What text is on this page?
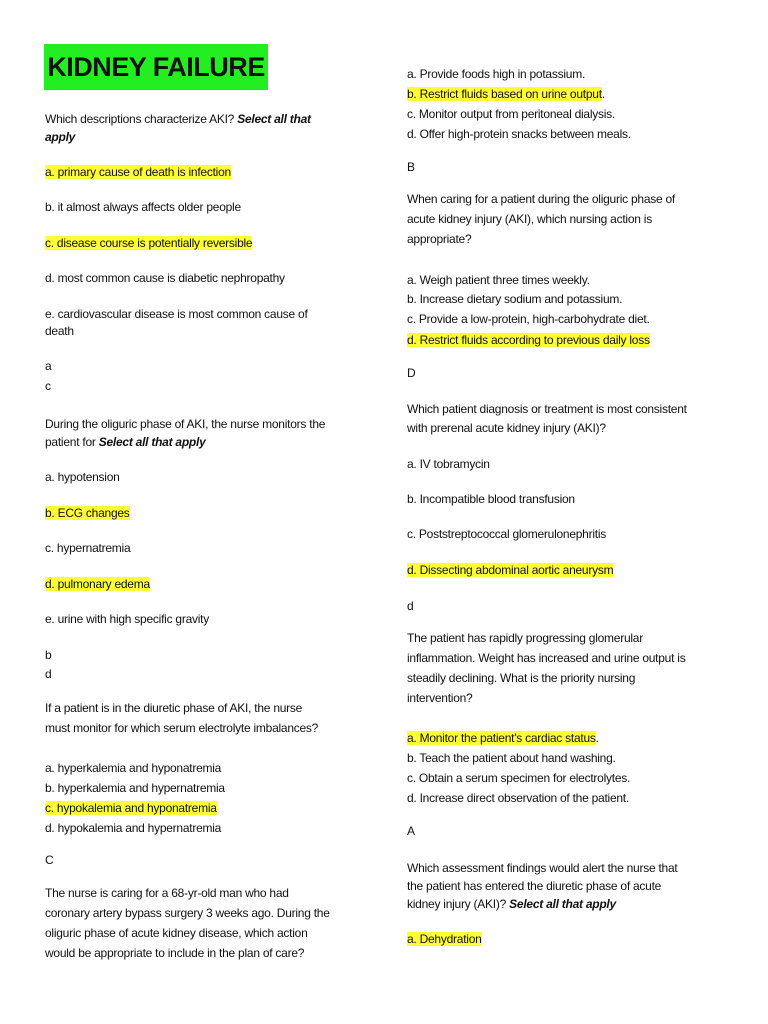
KIDNEY FAILURE
Which descriptions characterize AKI? Select all that
apply
a. primary cause of death is infection
b. it almost always affects older people
c. disease course is potentially reversible
d. most common cause is diabetic nephropathy
e. cardiovascular disease is most common cause of
death
a
c
During the oliguric phase of AKI, the nurse monitors the
patient for Select all that apply
a. hypotension
b. ECG changes
c. hypernatremia
d. pulmonary edema
e. urine with high specific gravity
b
d
If a patient is in the diuretic phase of AKI, the nurse
must monitor for which serum electrolyte imbalances?
a. hyperkalemia and hyponatremia
b. hyperkalemia and hypernatremia
c. hypokalemia and hyponatremia
d. hypokalemia and hypernatremia
C
The nurse is caring for a 68-yr-old man who had
coronary artery bypass surgery 3 weeks ago. During the
oliguric phase of acute kidney disease, which action
would be appropriate to include in the plan of care?
a. Provide foods high in potassium.
b. Restrict fluids based on urine output.
c. Monitor output from peritoneal dialysis.
d. Offer high-protein snacks between meals.
B
When caring for a patient during the oliguric phase of
acute kidney injury (AKI), which nursing action is
appropriate?
a. Weigh patient three times weekly.
b. Increase dietary sodium and potassium.
c. Provide a low-protein, high-carbohydrate diet.
d. Restrict fluids according to previous daily loss
D
Which patient diagnosis or treatment is most consistent
with prerenal acute kidney injury (AKI)?
a. IV tobramycin
b. Incompatible blood transfusion
c. Poststreptococcal glomerulonephritis
d. Dissecting abdominal aortic aneurysm
d
The patient has rapidly progressing glomerular
inflammation. Weight has increased and urine output is
steadily declining. What is the priority nursing
intervention?
a. Monitor the patient's cardiac status.
b. Teach the patient about hand washing.
c. Obtain a serum specimen for electrolytes.
d. Increase direct observation of the patient.
A
Which assessment findings would alert the nurse that
the patient has entered the diuretic phase of acute
kidney injury (AKI)? Select all that apply
a. Dehydration
